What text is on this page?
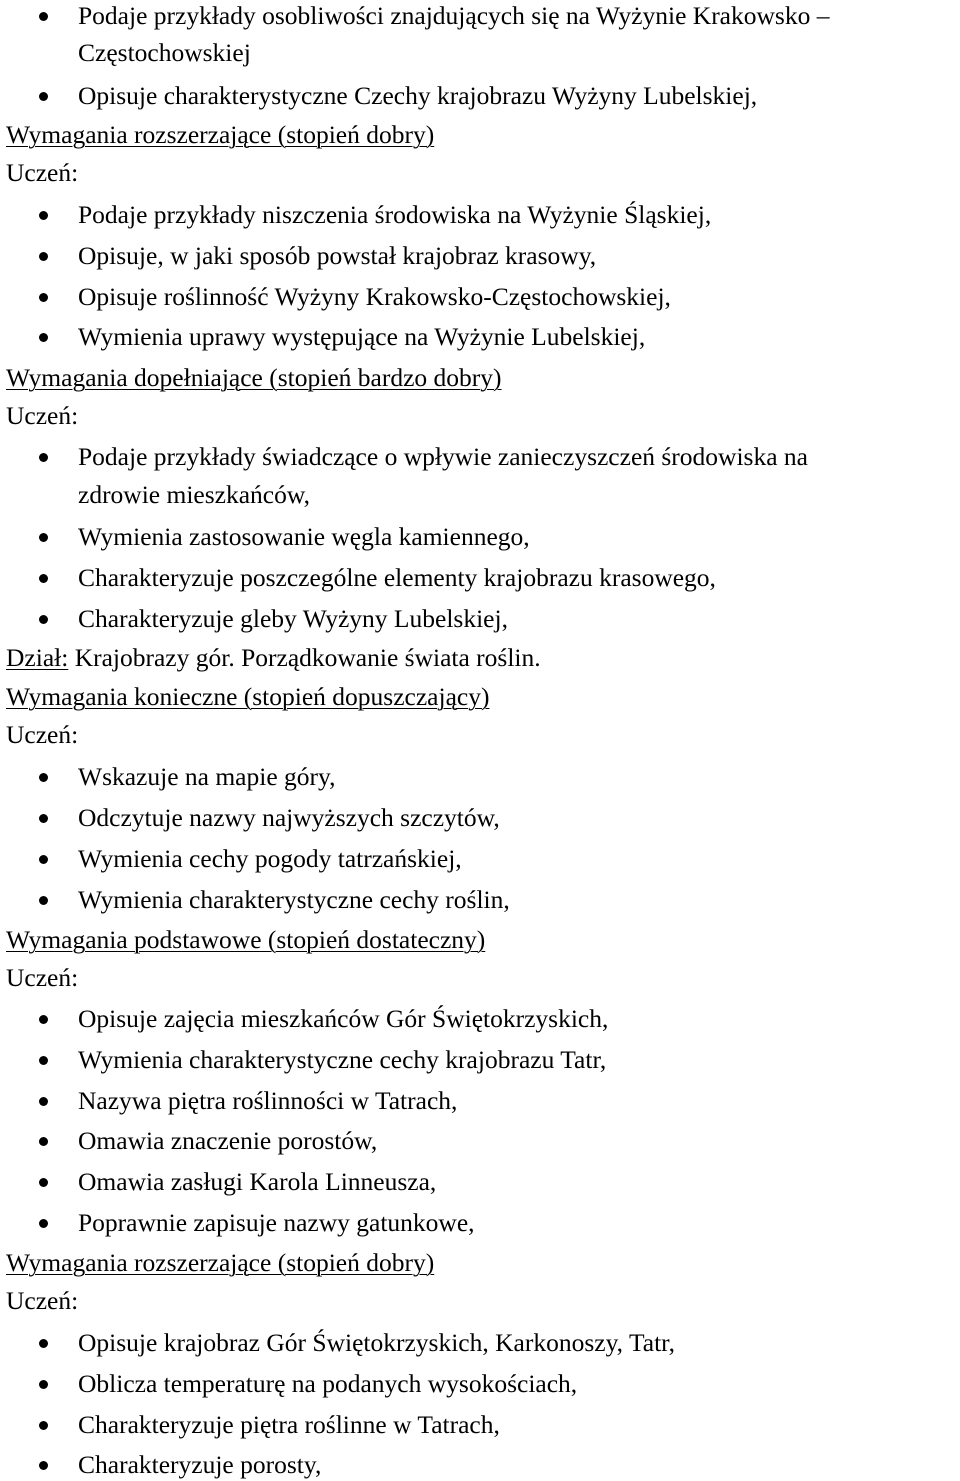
Podaje przykłady osobliwości znajdujących się na Wyżynie Krakowsko –
Częstochowskiej
Opisuje charakterystyczne Czechy krajobrazu Wyżyny Lubelskiej,
Wymagania rozszerzające (stopień dobry)
Uczeń:
Podaje przykłady niszczenia środowiska na Wyżynie Śląskiej,
Opisuje, w jaki sposób powstał krajobraz krasowy,
Opisuje roślinność Wyżyny Krakowsko-Częstochowskiej,
Wymienia uprawy występujące na Wyżynie Lubelskiej,
Wymagania dopełniające (stopień bardzo dobry)
Uczeń:
Podaje przykłady świadczące o wpływie zanieczyszczeń środowiska na
zdrowie mieszkańców,
Wymienia zastosowanie węgla kamiennego,
Charakteryzuje poszczególne elementy krajobrazu krasowego,
Charakteryzuje gleby Wyżyny Lubelskiej,
Dział: Krajobrazy gór. Porządkowanie świata roślin.
Wymagania konieczne (stopień dopuszczający)
Uczeń:
Wskazuje na mapie góry,
Odczytuje nazwy najwyższych szczytów,
Wymienia cechy pogody tatrzańskiej,
Wymienia charakterystyczne cechy roślin,
Wymagania podstawowe (stopień dostateczny)
Uczeń:
Opisuje zajęcia mieszkańców Gór Świętokrzyskich,
Wymienia charakterystyczne cechy krajobrazu Tatr,
Nazywa piętra roślinności w Tatrach,
Omawia znaczenie porostów,
Omawia zasługi Karola Linneusza,
Poprawnie zapisuje nazwy gatunkowe,
Wymagania rozszerzające (stopień dobry)
Uczeń:
Opisuje krajobraz Gór Świętokrzyskich, Karkonoszy, Tatr,
Oblicza temperaturę na podanych wysokościach,
Charakteryzuje piętra roślinne w Tatrach,
Charakteryzuje porosty,
